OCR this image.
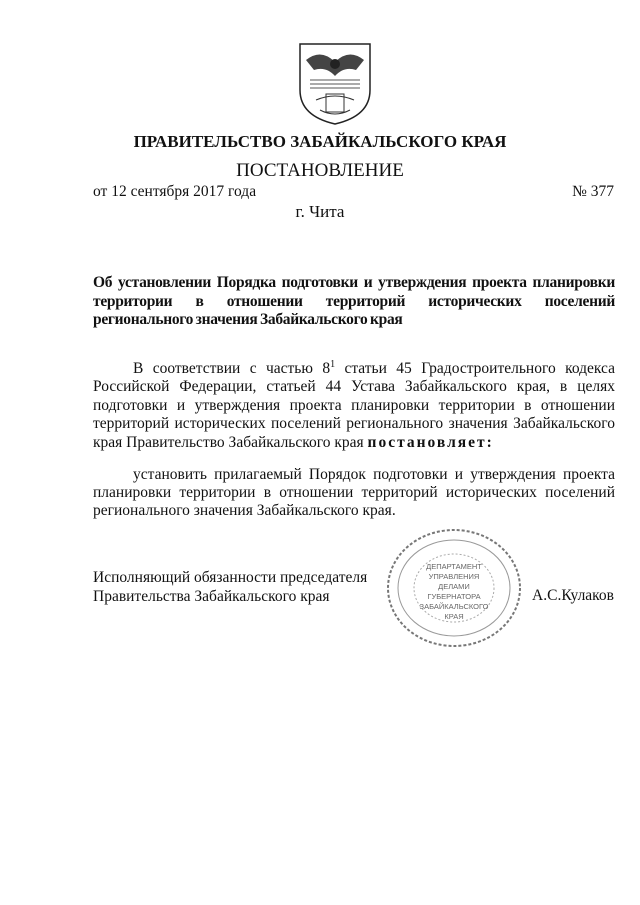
ПРАВИТЕЛЬСТВО ЗАБАЙКАЛЬСКОГО КРАЯ
ПОСТАНОВЛЕНИЕ
от 12 сентября 2017 года	№ 377
г. Чита
Об установлении Порядка подготовки и утверждения проекта планировки
территории в отношении территорий исторических поселений
регионального значения Забайкальского края
В соответствии с частью $8^1$ статьи 45 Градостроительного кодекса
Российской Федерации, статьей 44 Устава Забайкальского края, в целях
подготовки и утверждения проекта планировки территории в отношении
территорий исторических поселений регионального значения Забайкальского
края Правительство Забайкальского края постановляет:
установить прилагаемый Порядок подготовки и утверждения проекта
планировки территории в отношении территорий исторических поселений
регионального значения Забайкальского края.
Исполняющий обязанности председателя
Правительства Забайкальского края	А.С.Кулаков
ДЕПАРТАМЕНТ
УПРАВЛЕНИЯ
ДЕЛАМИ
ГУБЕРНАТОРА
ЗАБАЙКАЛЬСКОГО
КРАЯ
